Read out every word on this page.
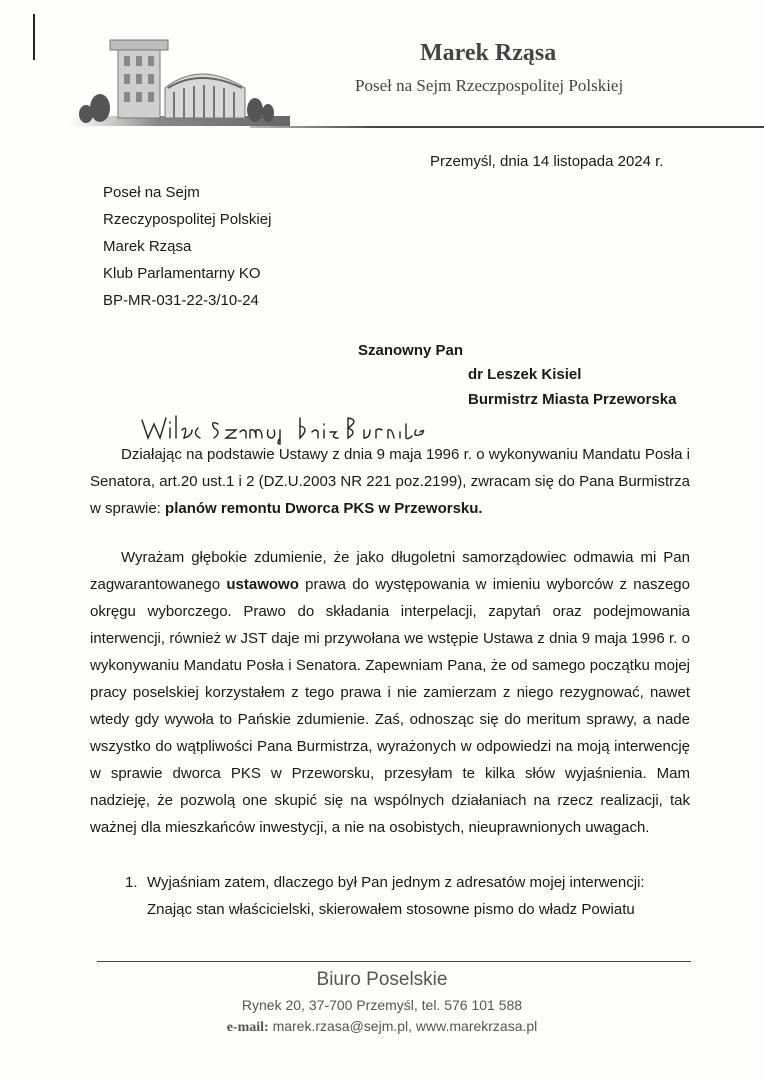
Marek Rząsa
Poseł na Sejm Rzeczpospolitej Polskiej
Przemyśl, dnia 14 listopada 2024 r.
Poseł na Sejm
Rzeczypospolitej Polskiej
Marek Rząsa
Klub Parlamentarny KO
BP-MR-031-22-3/10-24
Szanowny Pan
dr Leszek Kisiel
Burmistrz Miasta Przeworska
Działając na podstawie Ustawy z dnia 9 maja 1996 r. o wykonywaniu Mandatu Posła i Senatora, art.20 ust.1 i 2 (DZ.U.2003 NR 221 poz.2199), zwracam się do Pana Burmistrza w sprawie: planów remontu Dworca PKS w Przeworsku.
Wyrażam głębokie zdumienie, że jako długoletni samorządowiec odmawia mi Pan zagwarantowanego ustawowo prawa do występowania w imieniu wyborców z naszego okręgu wyborczego. Prawo do składania interpelacji, zapytań oraz podejmowania interwencji, również w JST daje mi przywołana we wstępie Ustawa z dnia 9 maja 1996 r. o wykonywaniu Mandatu Posła i Senatora. Zapewniam Pana, że od samego początku mojej pracy poselskiej korzystałem z tego prawa i nie zamierzam z niego rezygnować, nawet wtedy gdy wywoła to Pańskie zdumienie. Zaś, odnosząc się do meritum sprawy, a nade wszystko do wątpliwości Pana Burmistrza, wyrażonych w odpowiedzi na moją interwencję w sprawie dworca PKS w Przeworsku, przesyłam te kilka słów wyjaśnienia. Mam nadzieję, że pozwolą one skupić się na wspólnych działaniach na rzecz realizacji, tak ważnej dla mieszkańców inwestycji, a nie na osobistych, nieuprawnionych uwagach.
1. Wyjaśniam zatem, dlaczego był Pan jednym z adresatów mojej interwencji: Znając stan właścicielski, skierowałem stosowne pismo do władz Powiatu
Biuro Poselskie
Rynek 20, 37-700 Przemyśl, tel. 576 101 588
e-mail: marek.rzasa@sejm.pl, www.marekrzasa.pl
